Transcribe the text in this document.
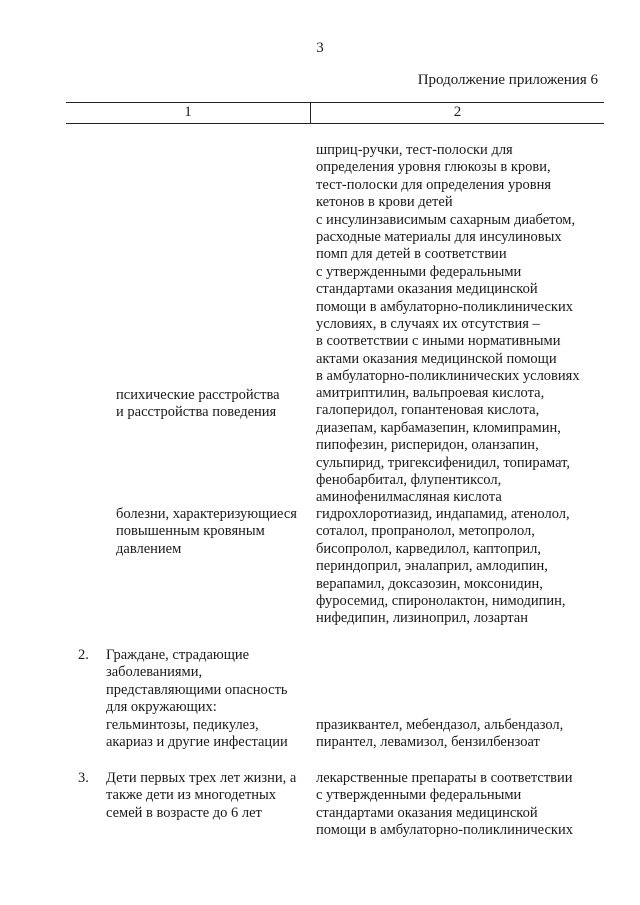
3
Продолжение приложения 6
1	2
шприц-ручки, тест-полоски для
определения уровня глюкозы в крови,
тест-полоски для определения уровня
кетонов в крови детей
с инсулинзависимым сахарным диабетом,
расходные материалы для инсулиновых
помп для детей в соответствии
с утвержденными федеральными
стандартами оказания медицинской
помощи в амбулаторно-поликлинических
условиях, в случаях их отсутствия –
в соответствии с иными нормативными
актами оказания медицинской помощи
в амбулаторно-поликлинических условиях
психические расстройства
и расстройства поведения
амитриптилин, вальпроевая кислота,
галоперидол, гопантеновая кислота,
диазепам, карбамазепин, кломипрамин,
пипофезин, рисперидон, оланзапин,
сульпирид, тригексифенидил, топирамат,
фенобарбитал, флупентиксол,
аминофенилмасляная кислота
болезни, характеризующиеся
повышенным кровяным
давлением
гидрохлоротиазид, индапамид, атенолол,
соталол, пропранолол, метопролол,
бисопролол, карведилол, каптоприл,
периндоприл, эналаприл, амлодипин,
верапамил, доксазозин, моксонидин,
фуросемид, спиронолактон, нимодипин,
нифедипин, лизиноприл, лозартан
2. Граждане, страдающие
заболеваниями,
представляющими опасность
для окружающих:
гельминтозы, педикулез,
акариаз и другие инфестации
празиквантел, мебендазол, альбендазол,
пирантел, левамизол, бензилбензоат
3. Дети первых трех лет жизни, а
также дети из многодетных
семей в возрасте до 6 лет
лекарственные препараты в соответствии
с утвержденными федеральными
стандартами оказания медицинской
помощи в амбулаторно-поликлинических
